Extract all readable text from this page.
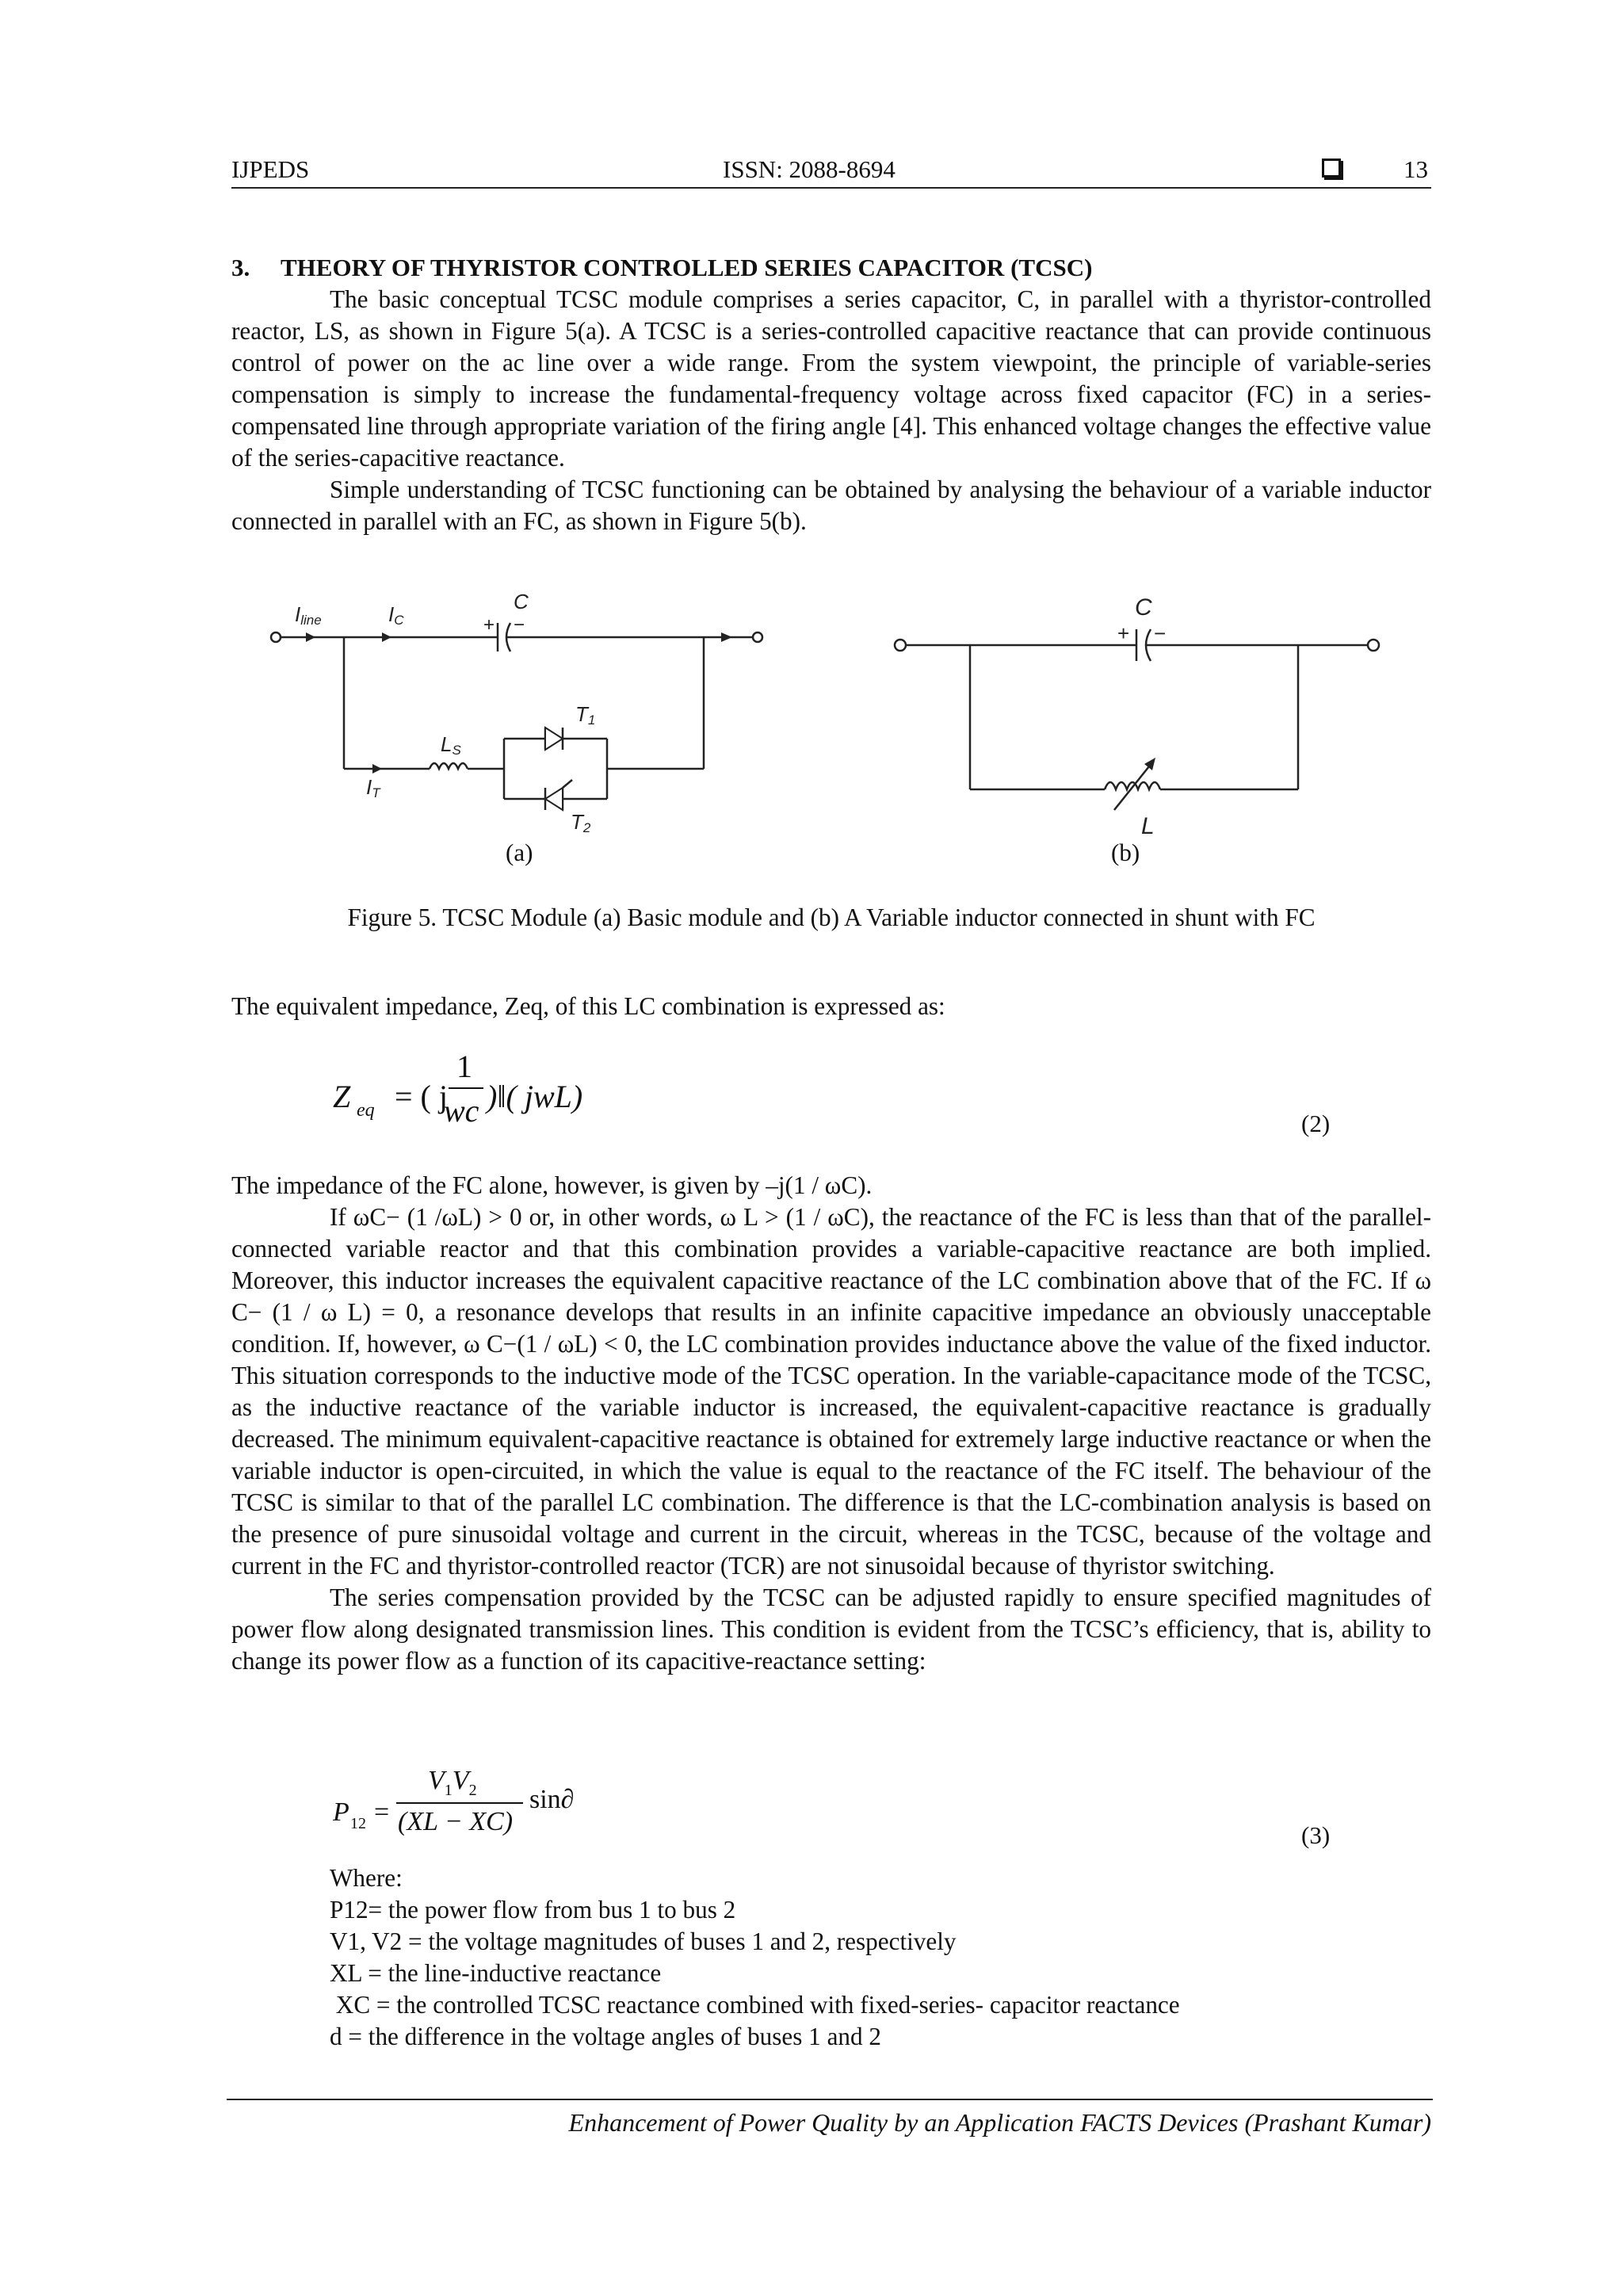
IJPEDS	ISSN: 2088-8694	13

3. THEORY OF THYRISTOR CONTROLLED SERIES CAPACITOR (TCSC)

The basic conceptual TCSC module comprises a series capacitor, C, in parallel with a thyristor-controlled reactor, LS, as shown in Figure 5(a). A TCSC is a series-controlled capacitive reactance that can provide continuous control of power on the ac line over a wide range. From the system viewpoint, the principle of variable-series compensation is simply to increase the fundamental-frequency voltage across fixed capacitor (FC) in a series- compensated line through appropriate variation of the firing angle [4]. This enhanced voltage changes the effective value of the series-capacitive reactance.

Simple understanding of TCSC functioning can be obtained by analysing the behaviour of a variable inductor connected in parallel with an FC, as shown in Figure 5(b).

Iline	IC
C
LS
IT
T1
T2
+ −
(a)
C
L
+ −
(b)
Figure 5. TCSC Module (a) Basic module and (b) A Variable inductor connected in shunt with FC

The equivalent impedance, Zeq, of this LC combination is expressed as:

Z eq = ( j
1
wc )‖( jwL)
(2)

The impedance of the FC alone, however, is given by –j(1 / ωC).

If ωC− (1 /ωL) > 0 or, in other words, ω L > (1 / ωC), the reactance of the FC is less than that of the parallel-connected variable reactor and that this combination provides a variable-capacitive reactance are both implied. Moreover, this inductor increases the equivalent capacitive reactance of the LC combination above that of the FC. If ω C− (1 / ω L) = 0, a resonance develops that results in an infinite capacitive impedance an obviously unacceptable condition. If, however, ω C−(1 / ωL) < 0, the LC combination provides inductance above the value of the fixed inductor. This situation corresponds to the inductive mode of the TCSC operation. In the variable-capacitance mode of the TCSC, as the inductive reactance of the variable inductor is increased, the equivalent-capacitive reactance is gradually decreased. The minimum equivalent-capacitive reactance is obtained for extremely large inductive reactance or when the variable inductor is open-circuited, in which the value is equal to the reactance of the FC itself. The behaviour of the TCSC is similar to that of the parallel LC combination. The difference is that the LC-combination analysis is based on the presence of pure sinusoidal voltage and current in the circuit, whereas in the TCSC, because of the voltage and current in the FC and thyristor-controlled reactor (TCR) are not sinusoidal because of thyristor switching.

The series compensation provided by the TCSC can be adjusted rapidly to ensure specified magnitudes of power flow along designated transmission lines. This condition is evident from the TCSC’s efficiency, that is, ability to change its power flow as a function of its capacitive-reactance setting:

P 12 =
$V_1V_2$
(XL − XC)
sin∂
(3)
Where:
P12= the power flow from bus 1 to bus 2
V1, V2 = the voltage magnitudes of buses 1 and 2, respectively
XL = the line-inductive reactance
XC = the controlled TCSC reactance combined with fixed-series- capacitor reactance
d = the difference in the voltage angles of buses 1 and 2
Enhancement of Power Quality by an Application FACTS Devices (Prashant Kumar)
